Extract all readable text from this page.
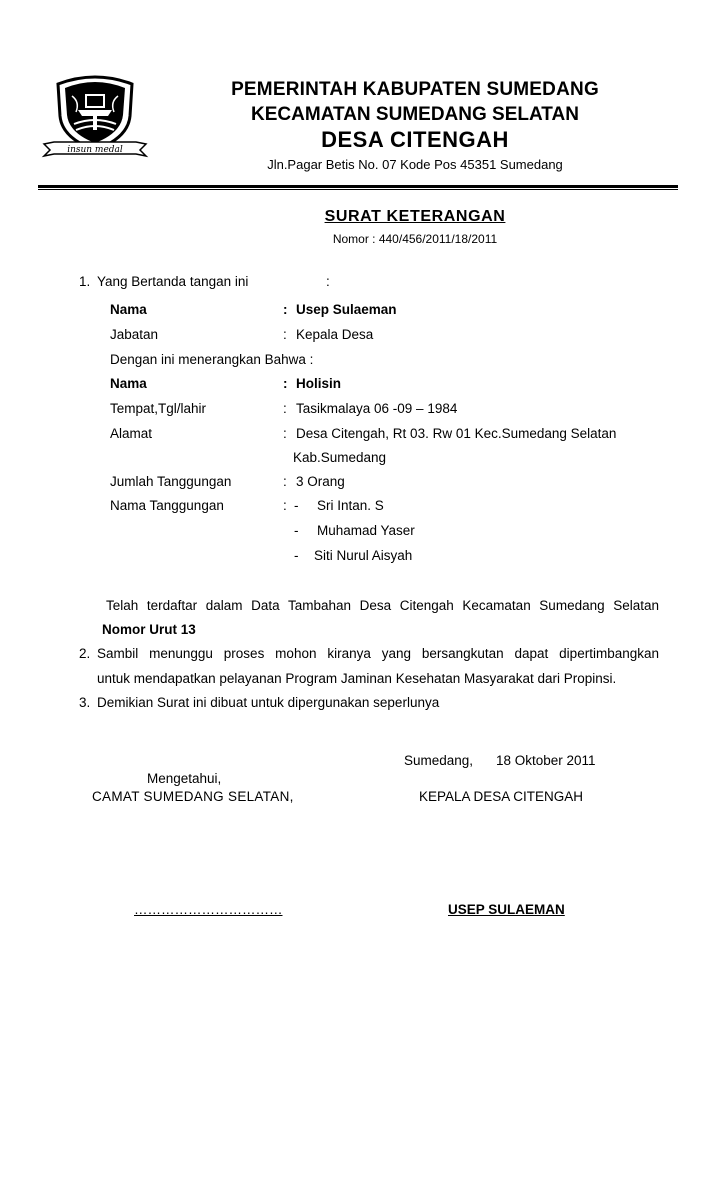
insun medal
PEMERINTAH KABUPATEN SUMEDANG
KECAMATAN SUMEDANG SELATAN
DESA CITENGAH
Jln.Pagar Betis No. 07 Kode Pos 45351 Sumedang
SURAT KETERANGAN
Nomor : 440/456/2011/18/2011
1. Yang Bertanda tangan ini	:
Nama	: Usep Sulaeman
Jabatan	: Kepala Desa
Dengan ini menerangkan Bahwa :
Nama	: Holisin
Tempat,Tgl/lahir	: Tasikmalaya 06 -09 – 1984
Alamat	: Desa Citengah, Rt 03. Rw 01 Kec.Sumedang Selatan
Kab.Sumedang
Jumlah Tanggungan	: 3 Orang
Nama Tanggungan	: - Sri Intan. S
- Muhamad Yaser
- Siti Nurul Aisyah
Telah terdaftar dalam Data Tambahan Desa Citengah Kecamatan Sumedang Selatan
Nomor Urut 13
2. Sambil menunggu proses mohon kiranya yang bersangkutan dapat dipertimbangkan
untuk mendapatkan pelayanan Program Jaminan Kesehatan Masyarakat dari Propinsi.
3. Demikian Surat ini dibuat untuk dipergunakan seperlunya
Sumedang, 18 Oktober 2011
Mengetahui,
CAMAT SUMEDANG SELATAN,	KEPALA DESA CITENGAH
……………………………	USEP SULAEMAN
